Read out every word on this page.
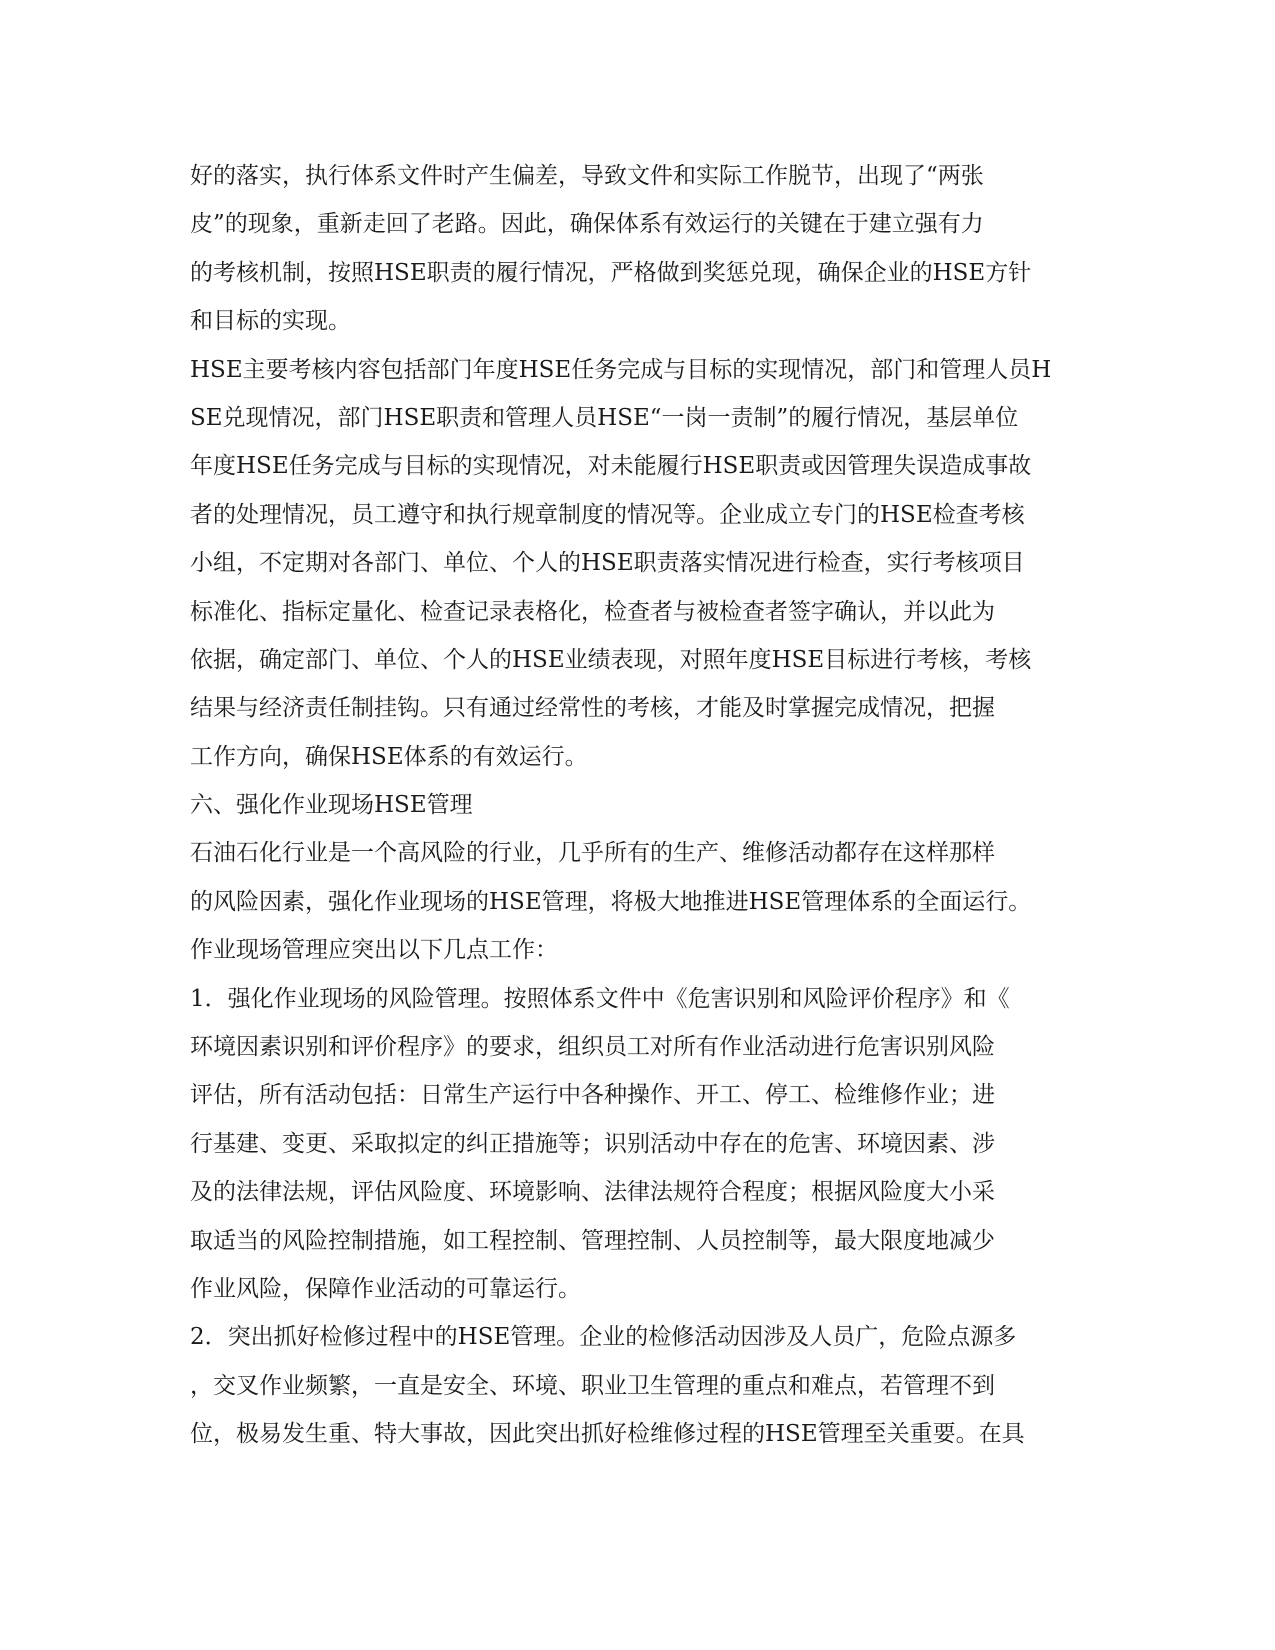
好的落实，执行体系文件时产生偏差，导致文件和实际工作脱节，出现了“两张
皮”的现象，重新走回了老路。因此，确保体系有效运行的关键在于建立强有力
的考核机制，按照HSE职责的履行情况，严格做到奖惩兑现，确保企业的HSE方针
和目标的实现。
HSE主要考核内容包括部门年度HSE任务完成与目标的实现情况，部门和管理人员H
SE兑现情况，部门HSE职责和管理人员HSE“一岗一责制”的履行情况，基层单位
年度HSE任务完成与目标的实现情况，对未能履行HSE职责或因管理失误造成事故
者的处理情况，员工遵守和执行规章制度的情况等。企业成立专门的HSE检查考核
小组，不定期对各部门、单位、个人的HSE职责落实情况进行检查，实行考核项目
标准化、指标定量化、检查记录表格化，检查者与被检查者签字确认，并以此为
依据，确定部门、单位、个人的HSE业绩表现，对照年度HSE目标进行考核，考核
结果与经济责任制挂钩。只有通过经常性的考核，才能及时掌握完成情况，把握
工作方向，确保HSE体系的有效运行。
六、强化作业现场HSE管理
石油石化行业是一个高风险的行业，几乎所有的生产、维修活动都存在这样那样
的风险因素，强化作业现场的HSE管理，将极大地推进HSE管理体系的全面运行。
作业现场管理应突出以下几点工作：
1．强化作业现场的风险管理。按照体系文件中《危害识别和风险评价程序》和《
环境因素识别和评价程序》的要求，组织员工对所有作业活动进行危害识别风险
评估，所有活动包括：日常生产运行中各种操作、开工、停工、检维修作业；进
行基建、变更、采取拟定的纠正措施等；识别活动中存在的危害、环境因素、涉
及的法律法规，评估风险度、环境影响、法律法规符合程度；根据风险度大小采
取适当的风险控制措施，如工程控制、管理控制、人员控制等，最大限度地减少
作业风险，保障作业活动的可靠运行。
2．突出抓好检修过程中的HSE管理。企业的检修活动因涉及人员广，危险点源多
，交叉作业频繁，一直是安全、环境、职业卫生管理的重点和难点，若管理不到
位，极易发生重、特大事故，因此突出抓好检维修过程的HSE管理至关重要。在具
